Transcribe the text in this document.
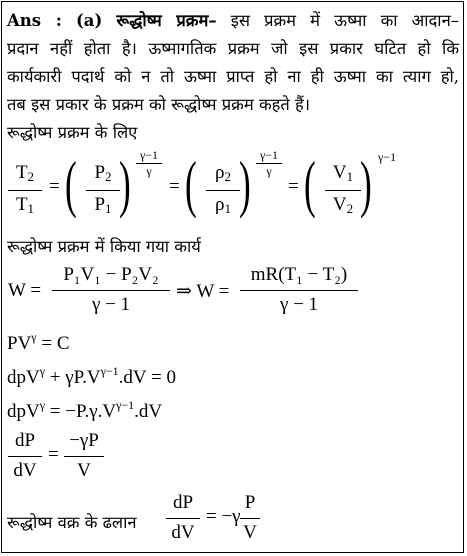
Ans : (a) रूद्धोष्म प्रक्रम– इस प्रक्रम में ऊष्मा का आदान–
प्रदान नहीं होता है। ऊष्मागतिक प्रक्रम जो इस प्रकार घटित हो कि
कार्यकारी पदार्थ को न तो ऊष्मा प्राप्त हो ना ही ऊष्मा का त्याग हो,
तब इस प्रकार के प्रक्रम को रूद्धोष्म प्रक्रम कहते हैं।
रूद्धोष्म प्रक्रम के लिए
$T_2$
$T_1$
= ( $P_2$
$P_1$ ) γ−1
γ
= ( $\rho_2$
$\rho_1$ ) γ−1
γ
= ( $V_1$
$V_2$ ) γ−1
रूद्धोष्म प्रक्रम में किया गया कार्य
W =
P₁V₁ − P₂V₂
γ − 1
⇒ W =
mR(T₁ − T₂)
γ − 1
$PV^\gamma = C$
$dpV^\gamma + \gamma P.V^{\gamma-1}.dV = 0$
$dpV^\gamma = -P.\gamma.V^{\gamma-1}.dV$
dP
dV
=
−γP
V
रूद्धोष्म वक्र के ढलान
dP
dV
= −γ
P
V
